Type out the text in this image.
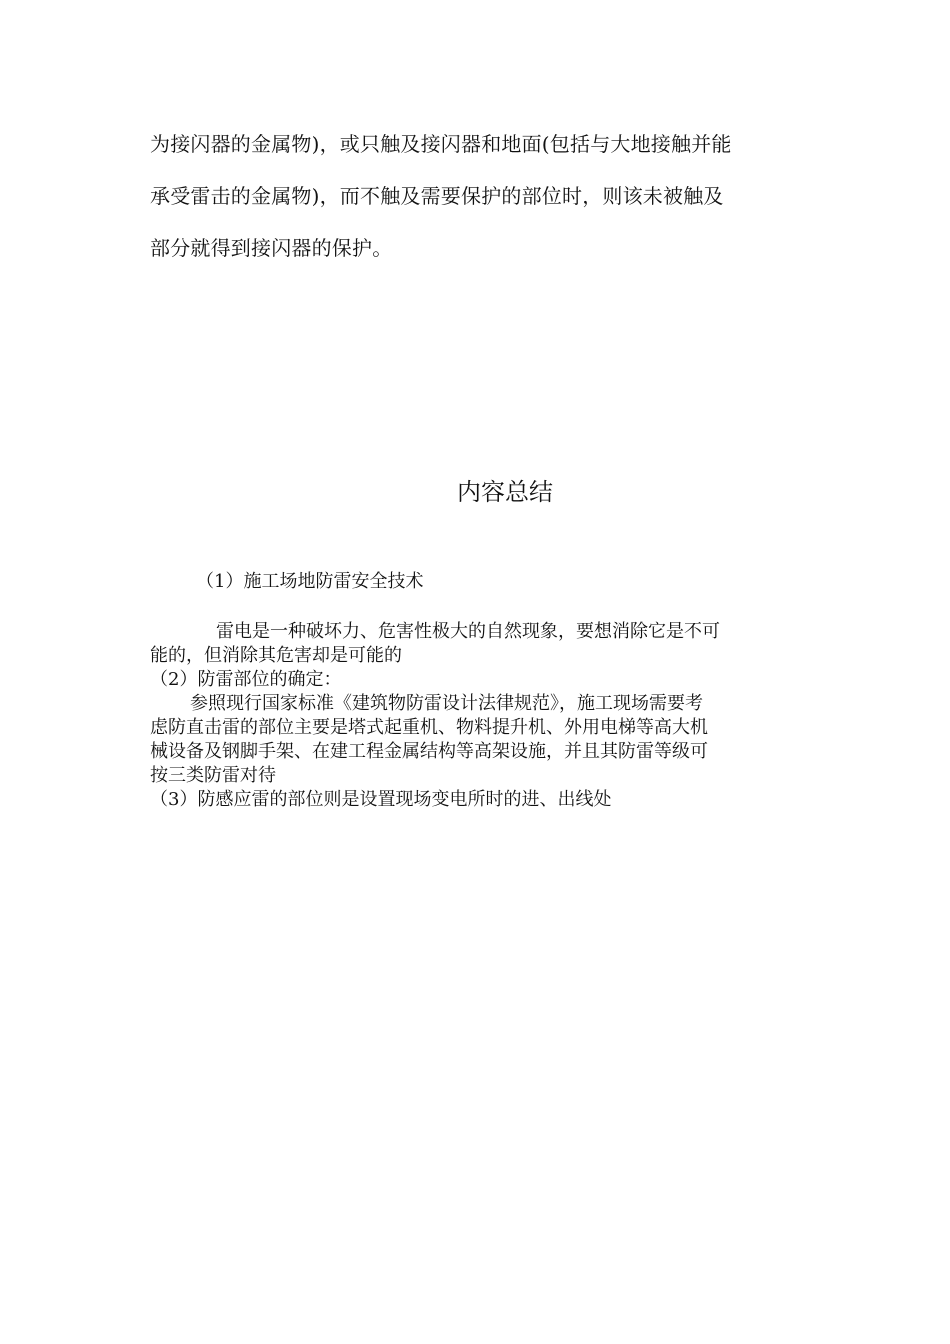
为接闪器的金属物)，或只触及接闪器和地面(包括与大地接触并能
承受雷击的金属物)，而不触及需要保护的部位时，则该未被触及
部分就得到接闪器的保护。
内容总结
（1）施工场地防雷安全技术
雷电是一种破坏力、危害性极大的自然现象，要想消除它是不可
能的，但消除其危害却是可能的
（2）防雷部位的确定：
参照现行国家标准《建筑物防雷设计法律规范》，施工现场需要考
虑防直击雷的部位主要是塔式起重机、物料提升机、外用电梯等高大机
械设备及钢脚手架、在建工程金属结构等高架设施，并且其防雷等级可
按三类防雷对待
（3）防感应雷的部位则是设置现场变电所时的进、出线处
